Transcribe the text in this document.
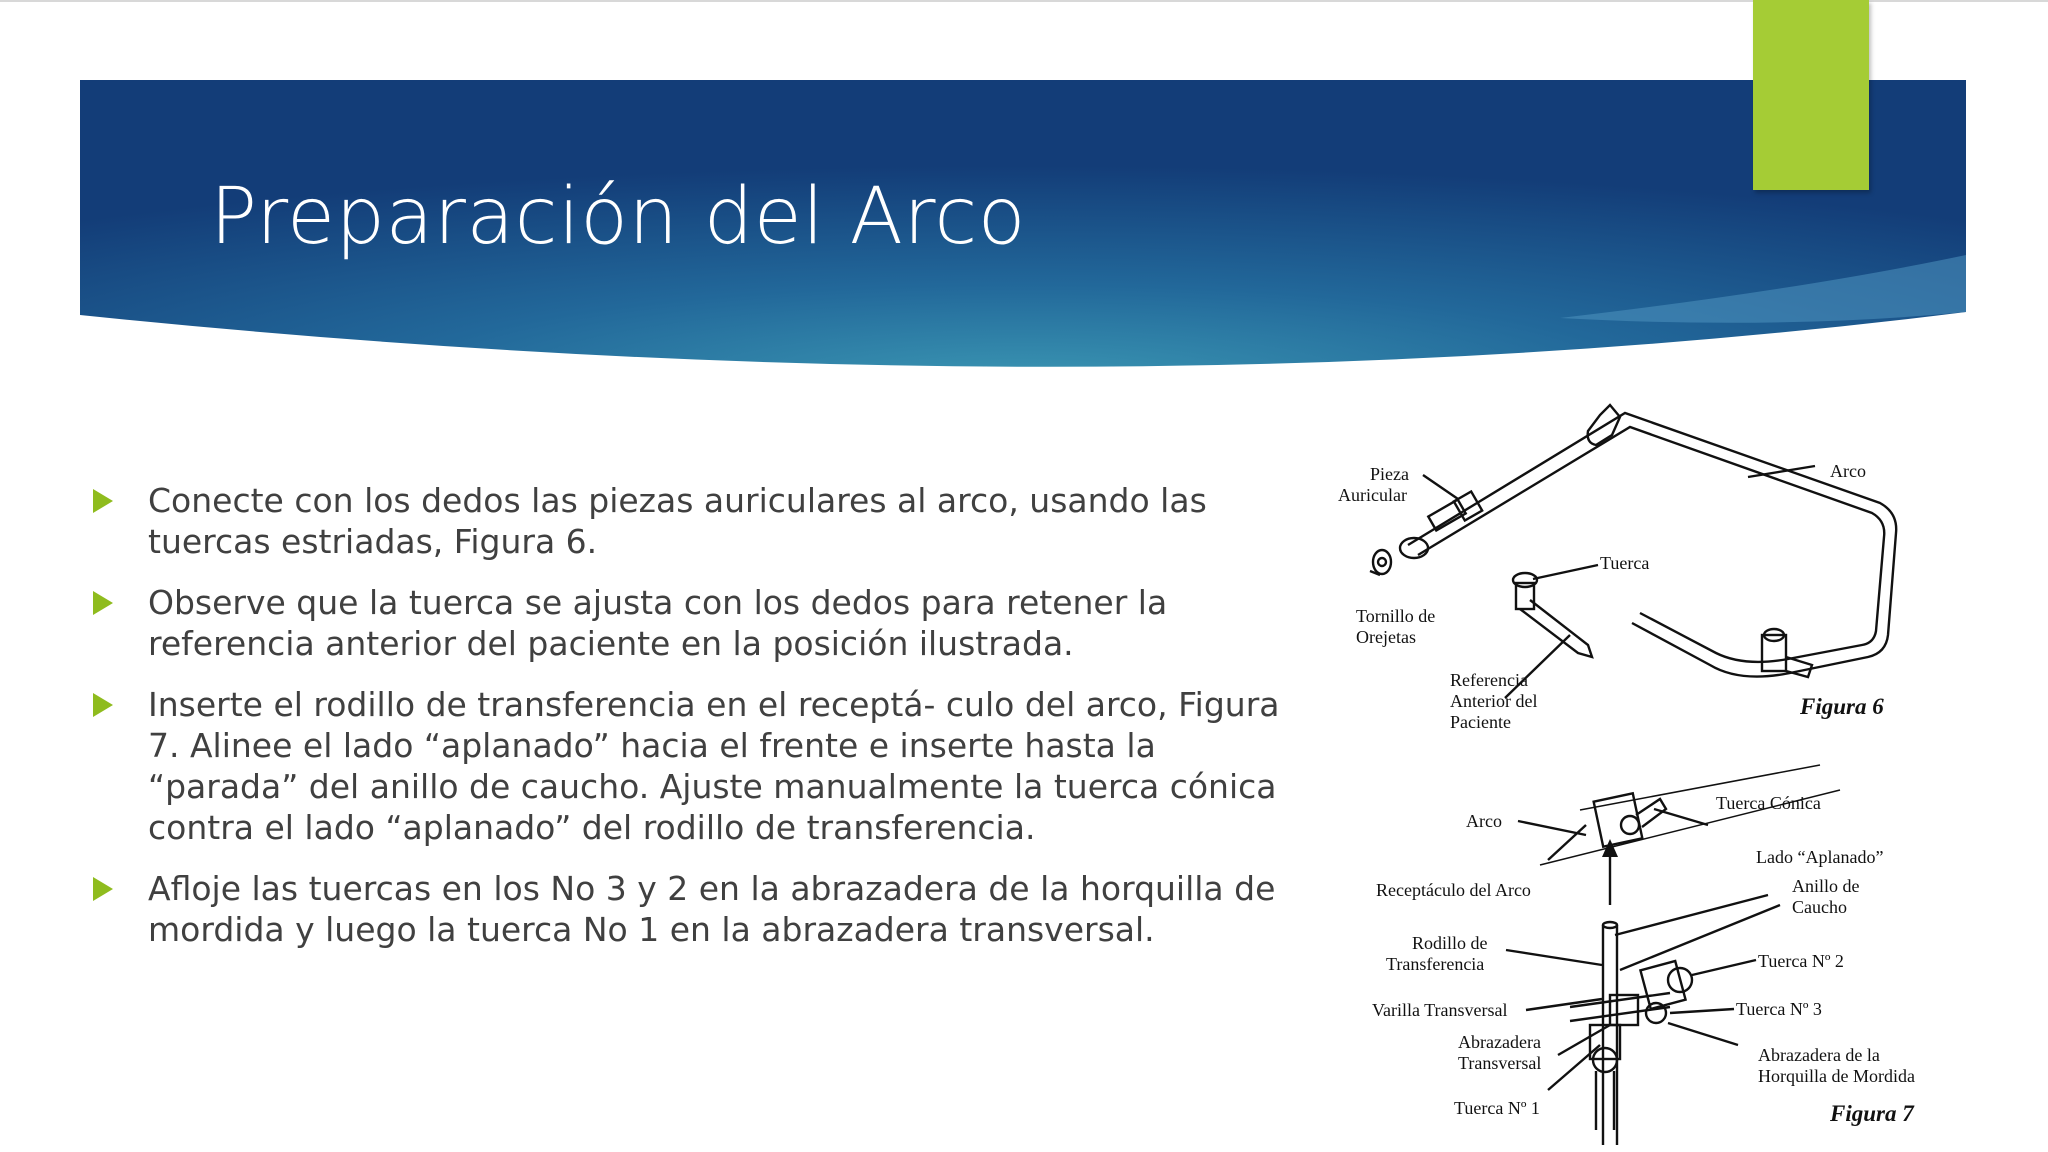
Preparación del Arco
Conecte con los dedos las piezas auriculares al arco, usando las tuercas estriadas, Figura 6.
Observe que la tuerca se ajusta con los dedos para retener la referencia anterior del paciente en la posición ilustrada.
Inserte el rodillo de transferencia en el receptá- culo del arco, Figura 7. Alinee el lado “aplanado” hacia el frente e inserte hasta la “parada” del anillo de caucho. Ajuste manualmente la tuerca cónica contra el lado “aplanado” del rodillo de transferencia.
Afloje las tuercas en los No 3 y 2 en la abrazadera de la horquilla de mordida y luego la tuerca No 1 en la abrazadera transversal.
Pieza Auricular
Arco
Tuerca
Tornillo de Orejetas
Referencia Anterior del Paciente
Figura 6
Arco
Tuerca Cónica
Lado “Aplanado”
Receptáculo del Arco	Anillo de Caucho
Rodillo de Transferencia	Tuerca Nº 2
Varilla Transversal	Tuerca Nº 3
Abrazadera Transversal	Abrazadera de la Horquilla de Mordida
Tuerca Nº 1	Figura 7
